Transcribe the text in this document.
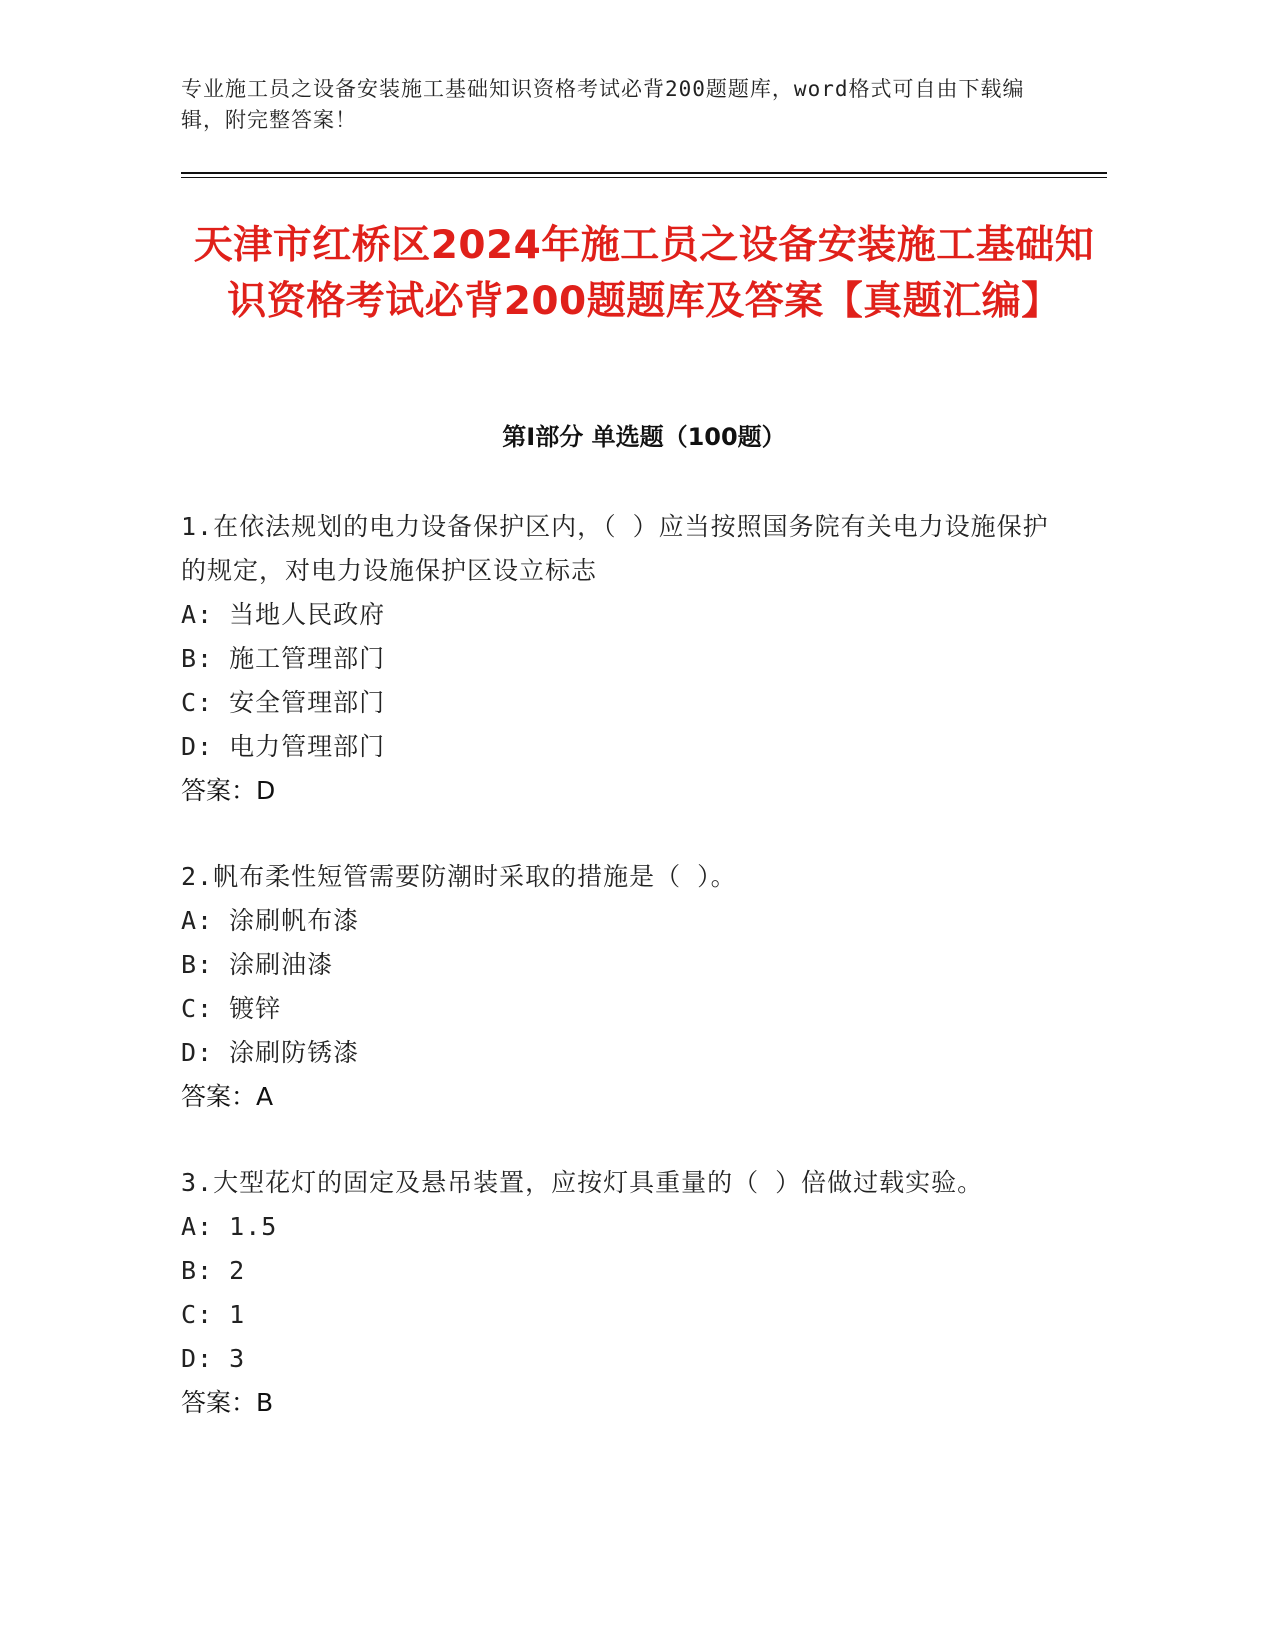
专业施工员之设备安装施工基础知识资格考试必背200题题库，word格式可自由下载编辑，附完整答案！
天津市红桥区2024年施工员之设备安装施工基础知识资格考试必背200题题库及答案【真题汇编】
第I部分 单选题（100题）

1.在依法规划的电力设备保护区内，（ ）应当按照国务院有关电力设施保护的规定，对电力设施保护区设立标志

A: 当地人民政府

B: 施工管理部门

C: 安全管理部门

D: 电力管理部门

答案：D

2.帆布柔性短管需要防潮时采取的措施是（ ）。

A: 涂刷帆布漆

B: 涂刷油漆

C: 镀锌

D: 涂刷防锈漆

答案：A

3.大型花灯的固定及悬吊装置，应按灯具重量的（ ）倍做过载实验。

A: 1.5

B: 2

C: 1

D: 3

答案：B
